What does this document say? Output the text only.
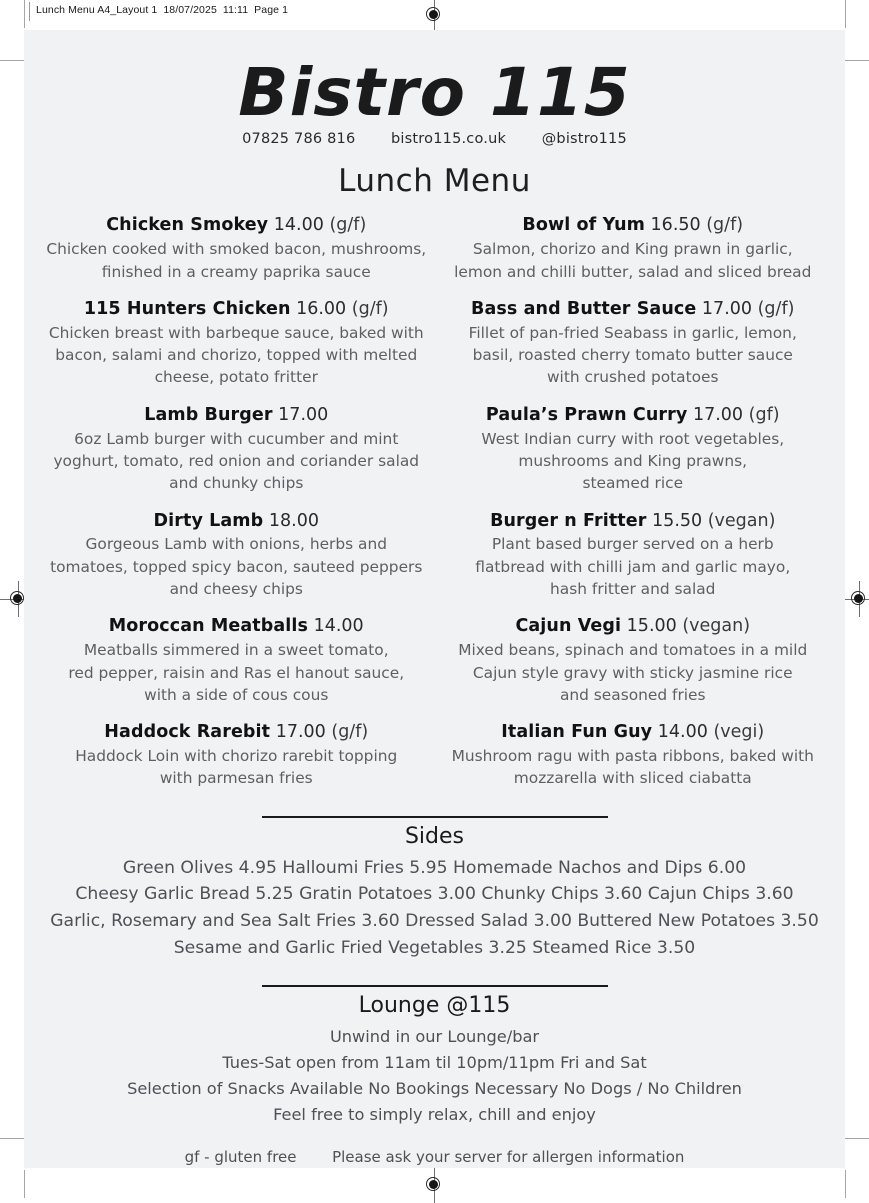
Lunch Menu A4_Layout 1  18/07/2025  11:11  Page 1
Bistro 115
07825 786 816 bistro115.co.uk @bistro115
Lunch Menu
Chicken Smokey 14.00 (g/f)
Chicken cooked with smoked bacon, mushrooms,
finished in a creamy paprika sauce
115 Hunters Chicken 16.00 (g/f)
Chicken breast with barbeque sauce, baked with
bacon, salami and chorizo, topped with melted
cheese, potato fritter
Lamb Burger 17.00
6oz Lamb burger with cucumber and mint
yoghurt, tomato, red onion and coriander salad
and chunky chips
Dirty Lamb 18.00
Gorgeous Lamb with onions, herbs and
tomatoes, topped spicy bacon, sauteed peppers
and cheesy chips
Moroccan Meatballs 14.00
Meatballs simmered in a sweet tomato,
red pepper, raisin and Ras el hanout sauce,
with a side of cous cous
Haddock Rarebit 17.00 (g/f)
Haddock Loin with chorizo rarebit topping
with parmesan fries
Bowl of Yum 16.50 (g/f)
Salmon, chorizo and King prawn in garlic,
lemon and chilli butter, salad and sliced bread
Bass and Butter Sauce 17.00 (g/f)
Fillet of pan-fried Seabass in garlic, lemon,
basil, roasted cherry tomato butter sauce
with crushed potatoes
Paula’s Prawn Curry 17.00 (gf)
West Indian curry with root vegetables,
mushrooms and King prawns,
steamed rice
Burger n Fritter 15.50 (vegan)
Plant based burger served on a herb
flatbread with chilli jam and garlic mayo,
hash fritter and salad
Cajun Vegi 15.00 (vegan)
Mixed beans, spinach and tomatoes in a mild
Cajun style gravy with sticky jasmine rice
and seasoned fries
Italian Fun Guy 14.00 (vegi)
Mushroom ragu with pasta ribbons, baked with
mozzarella with sliced ciabatta
Sides
Green Olives 4.95 Halloumi Fries 5.95 Homemade Nachos and Dips 6.00
Cheesy Garlic Bread 5.25 Gratin Potatoes 3.00 Chunky Chips 3.60 Cajun Chips 3.60
Garlic, Rosemary and Sea Salt Fries 3.60 Dressed Salad 3.00 Buttered New Potatoes 3.50
Sesame and Garlic Fried Vegetables 3.25 Steamed Rice 3.50
Lounge @115
Unwind in our Lounge/bar
Tues-Sat open from 11am til 10pm/11pm Fri and Sat
Selection of Snacks Available No Bookings Necessary No Dogs / No Children
Feel free to simply relax, chill and enjoy
gf - gluten free Please ask your server for allergen information
